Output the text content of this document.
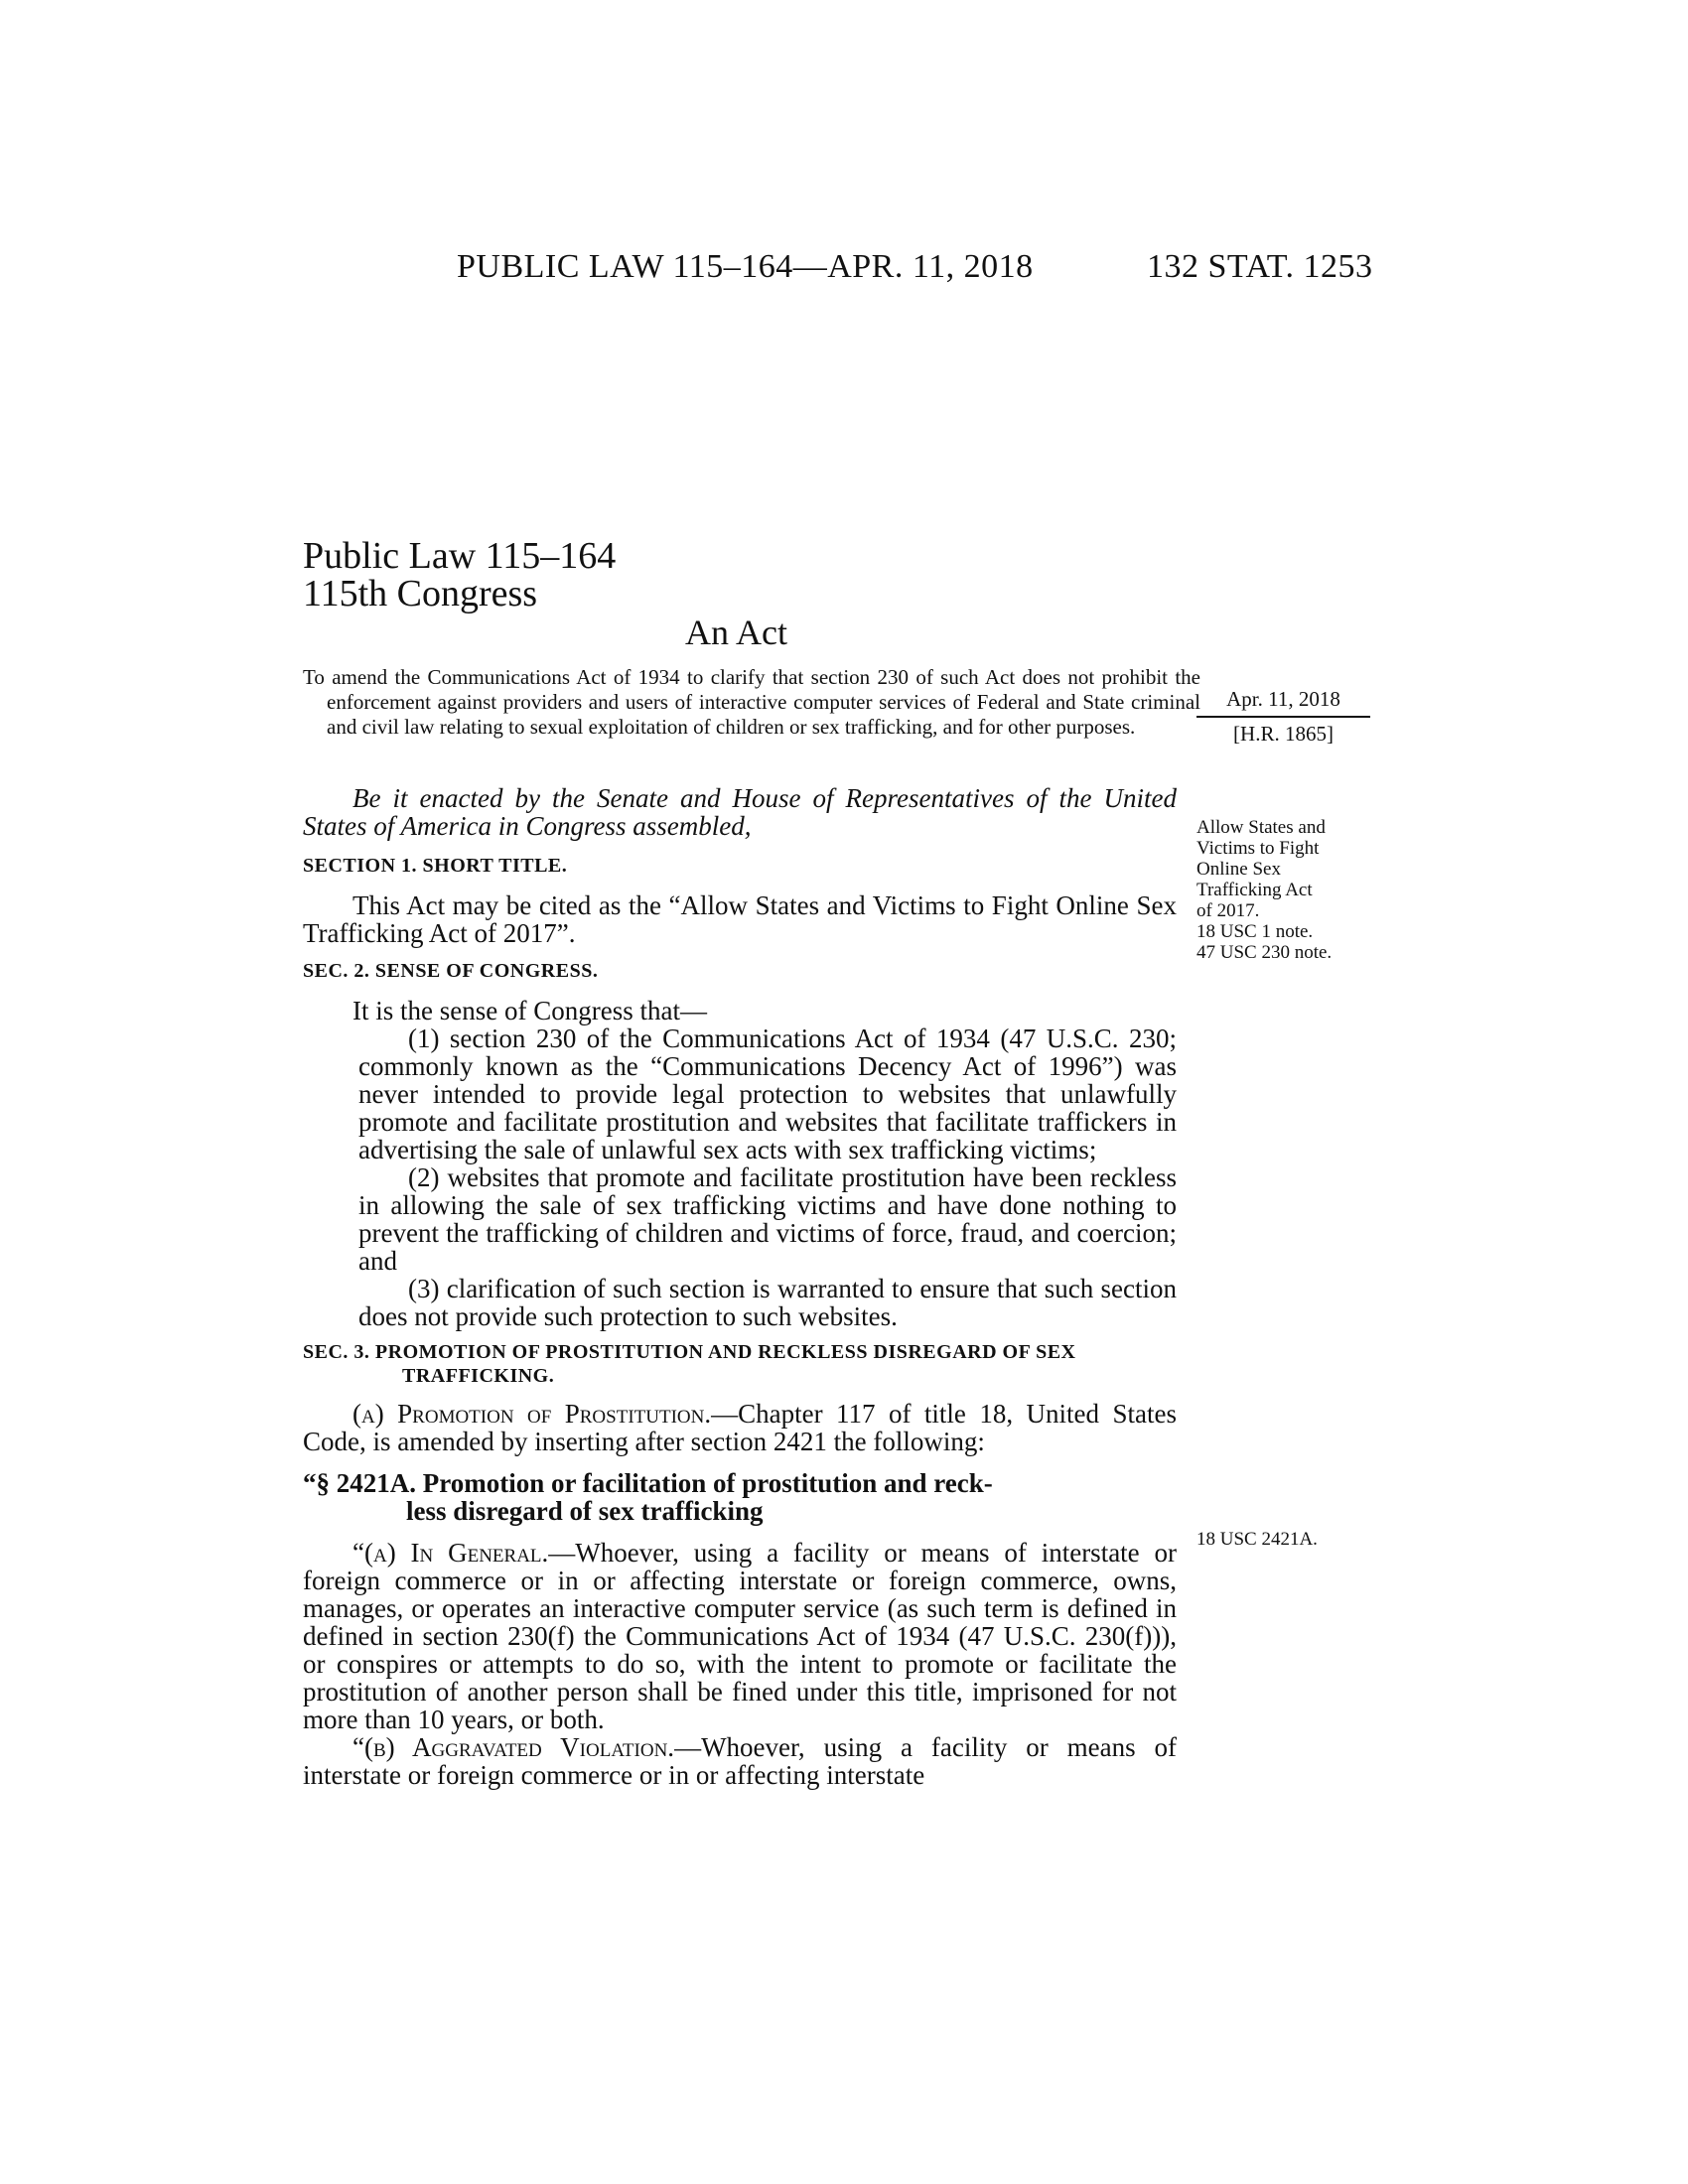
PUBLIC LAW 115–164—APR. 11, 2018	132 STAT. 1253
Public Law 115–164
115th Congress
An Act
To amend the Communications Act of 1934 to clarify that section 230 of such Act does not prohibit the enforcement against providers and users of interactive computer services of Federal and State criminal and civil law relating to sexual exploitation of children or sex trafficking, and for other purposes.
Apr. 11, 2018
[H.R. 1865]
Allow States and
Victims to Fight
Online Sex
Trafficking Act
of 2017.
18 USC 1 note.
47 USC 230 note.
18 USC 2421A.

Be it enacted by the Senate and House of Representatives of the United States of America in Congress assembled,

SECTION 1. SHORT TITLE.

This Act may be cited as the “Allow States and Victims to Fight Online Sex Trafficking Act of 2017”.

SEC. 2. SENSE OF CONGRESS.

It is the sense of Congress that—

(1) section 230 of the Communications Act of 1934 (47 U.S.C. 230; commonly known as the “Communications Decency Act of 1996”) was never intended to provide legal protection to websites that unlawfully promote and facilitate prostitution and websites that facilitate traffickers in advertising the sale of unlawful sex acts with sex trafficking victims;

(2) websites that promote and facilitate prostitution have been reckless in allowing the sale of sex trafficking victims and have done nothing to prevent the trafficking of children and victims of force, fraud, and coercion; and

(3) clarification of such section is warranted to ensure that such section does not provide such protection to such websites.

SEC. 3. PROMOTION OF PROSTITUTION AND RECKLESS DISREGARD OF SEX TRAFFICKING.

(a) Promotion of Prostitution.—Chapter 117 of title 18, United States Code, is amended by inserting after section 2421 the following:

“§ 2421A. Promotion or facilitation of prostitution and reck-
less disregard of sex trafficking

“(a) In General.—Whoever, using a facility or means of interstate or foreign commerce or in or affecting interstate or foreign commerce, owns, manages, or operates an interactive computer service (as such term is defined in defined in section 230(f) the Communications Act of 1934 (47 U.S.C. 230(f))), or conspires or attempts to do so, with the intent to promote or facilitate the prostitution of another person shall be fined under this title, imprisoned for not more than 10 years, or both.

“(b) Aggravated Violation.—Whoever, using a facility or means of interstate or foreign commerce or in or affecting interstate
